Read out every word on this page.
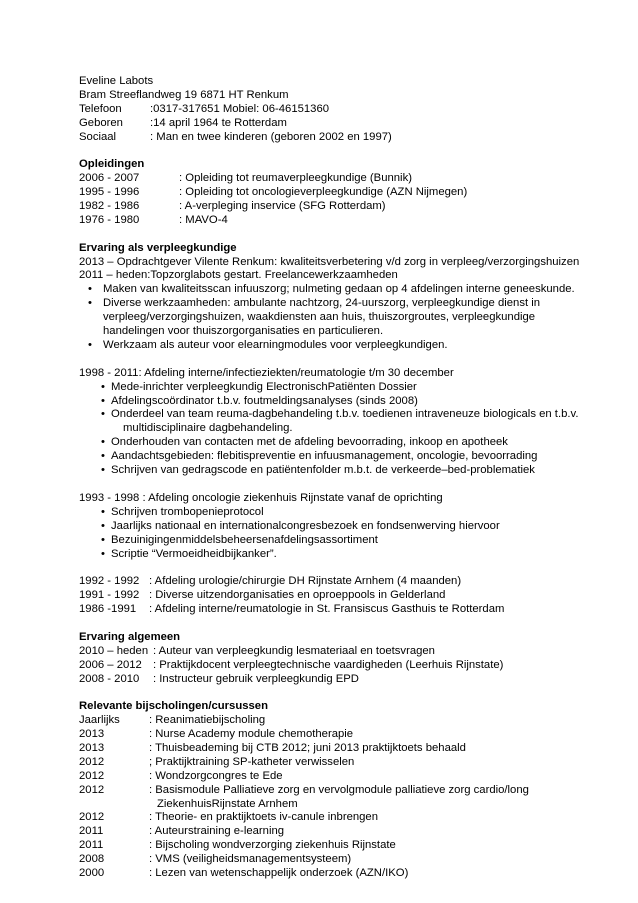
Eveline Labots
Bram Streeflandweg 19 6871 HT Renkum
Telefoon	:0317-317651 Mobiel: 06-46151360
Geboren	:14 april 1964 te Rotterdam
Sociaal	: Man en twee kinderen (geboren 2002 en 1997)
Opleidingen
2006 - 2007	: Opleiding tot reumaverpleegkundige (Bunnik)
1995 - 1996	: Opleiding tot oncologieverpleegkundige (AZN Nijmegen)
1982 - 1986	: A-verpleging inservice (SFG Rotterdam)
1976 - 1980	: MAVO-4
Ervaring als verpleegkundige
2013 – Opdrachtgever Vilente Renkum: kwaliteitsverbetering v/d zorg in verpleeg/verzorgingshuizen
2011 – heden:Topzorglabots gestart. Freelancewerkzaamheden
• Maken van kwaliteitsscan infuuszorg; nulmeting gedaan op 4 afdelingen interne geneeskunde.
• Diverse werkzaamheden: ambulante nachtzorg, 24-uurszorg, verpleegkundige dienst in
verpleeg/verzorgingshuizen, waakdiensten aan huis, thuiszorgroutes, verpleegkundige
handelingen voor thuiszorgorganisaties en particulieren.
• Werkzaam als auteur voor elearningmodules voor verpleegkundigen.
1998 - 2011: Afdeling interne/infectieziekten/reumatologie t/m 30 december
• Mede-inrichter verpleegkundig ElectronischPatiënten Dossier
• Afdelingscoördinator t.b.v. foutmeldingsanalyses (sinds 2008)
• Onderdeel van team reuma-dagbehandeling t.b.v. toedienen intraveneuze biologicals en t.b.v.
multidisciplinaire dagbehandeling.
• Onderhouden van contacten met de afdeling bevoorrading, inkoop en apotheek
• Aandachtsgebieden: flebitispreventie en infuusmanagement, oncologie, bevoorrading
• Schrijven van gedragscode en patiëntenfolder m.b.t. de verkeerde–bed-problematiek
1993 - 1998 : Afdeling oncologie ziekenhuis Rijnstate vanaf de oprichting
• Schrijven trombopenieprotocol
• Jaarlijks nationaal en internationalcongresbezoek en fondsenwerving hiervoor
• Bezuinigingenmiddelsbeheersenafdelingsassortiment
• Scriptie “Vermoeidheidbijkanker”.
1992 - 1992 : Afdeling urologie/chirurgie DH Rijnstate Arnhem (4 maanden)
1991 - 1992 : Diverse uitzendorganisaties en oproeppools in Gelderland
1986 -1991	: Afdeling interne/reumatologie in St. Fransiscus Gasthuis te Rotterdam
Ervaring algemeen
2010 – heden : Auteur van verpleegkundig lesmateriaal en toetsvragen
2006 – 2012 : Praktijkdocent verpleegtechnische vaardigheden (Leerhuis Rijnstate)
2008 - 2010	: Instructeur gebruik verpleegkundig EPD
Relevante bijscholingen/cursussen
Jaarlijks	: Reanimatiebijscholing
2013	: Nurse Academy module chemotherapie
2013	: Thuisbeademing bij CTB 2012; juni 2013 praktijktoets behaald
2012	; Praktijktraining SP-katheter verwisselen
2012	: Wondzorgcongres te Ede
2012	: Basismodule Palliatieve zorg en vervolgmodule palliatieve zorg cardio/long
ZiekenhuisRijnstate Arnhem
2012	: Theorie- en praktijktoets iv-canule inbrengen
2011	: Auteurstraining e-learning
2011	: Bijscholing wondverzorging ziekenhuis Rijnstate
2008	: VMS (veiligheidsmanagementsysteem)
2000	: Lezen van wetenschappelijk onderzoek (AZN/IKO)
